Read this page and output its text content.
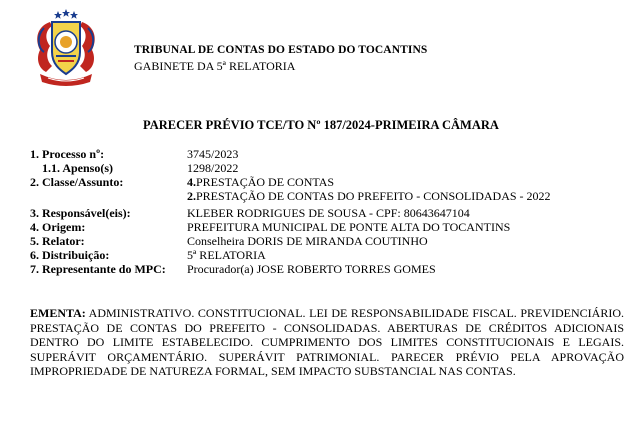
TRIBUNAL DE CONTAS DO ESTADO DO TOCANTINS
GABINETE DA 5ª RELATORIA
PARECER PRÉVIO TCE/TO Nº 187/2024-PRIMEIRA CÂMARA
1. Processo nº:	3745/2023
1.1. Apenso(s)	1298/2022
2. Classe/Assunto:	4.PRESTAÇÃO DE CONTAS
2.PRESTAÇÃO DE CONTAS DO PREFEITO - CONSOLIDADAS - 2022
3. Responsável(eis):	KLEBER RODRIGUES DE SOUSA - CPF: 80643647104
4. Origem:	PREFEITURA MUNICIPAL DE PONTE ALTA DO TOCANTINS
5. Relator:	Conselheira DORIS DE MIRANDA COUTINHO
6. Distribuição:	5ª RELATORIA
7. Representante do MPC:	Procurador(a) JOSE ROBERTO TORRES GOMES
EMENTA: ADMINISTRATIVO. CONSTITUCIONAL. LEI DE RESPONSABILIDADE FISCAL. PREVIDENCIÁRIO. PRESTAÇÃO DE CONTAS DO PREFEITO - CONSOLIDADAS. ABERTURAS DE CRÉDITOS ADICIONAIS DENTRO DO LIMITE ESTABELECIDO. CUMPRIMENTO DOS LIMITES CONSTITUCIONAIS E LEGAIS. SUPERÁVIT ORÇAMENTÁRIO. SUPERÁVIT PATRIMONIAL. PARECER PRÉVIO PELA APROVAÇÃO IMPROPRIEDADE DE NATUREZA FORMAL, SEM IMPACTO SUBSTANCIAL NAS CONTAS.
